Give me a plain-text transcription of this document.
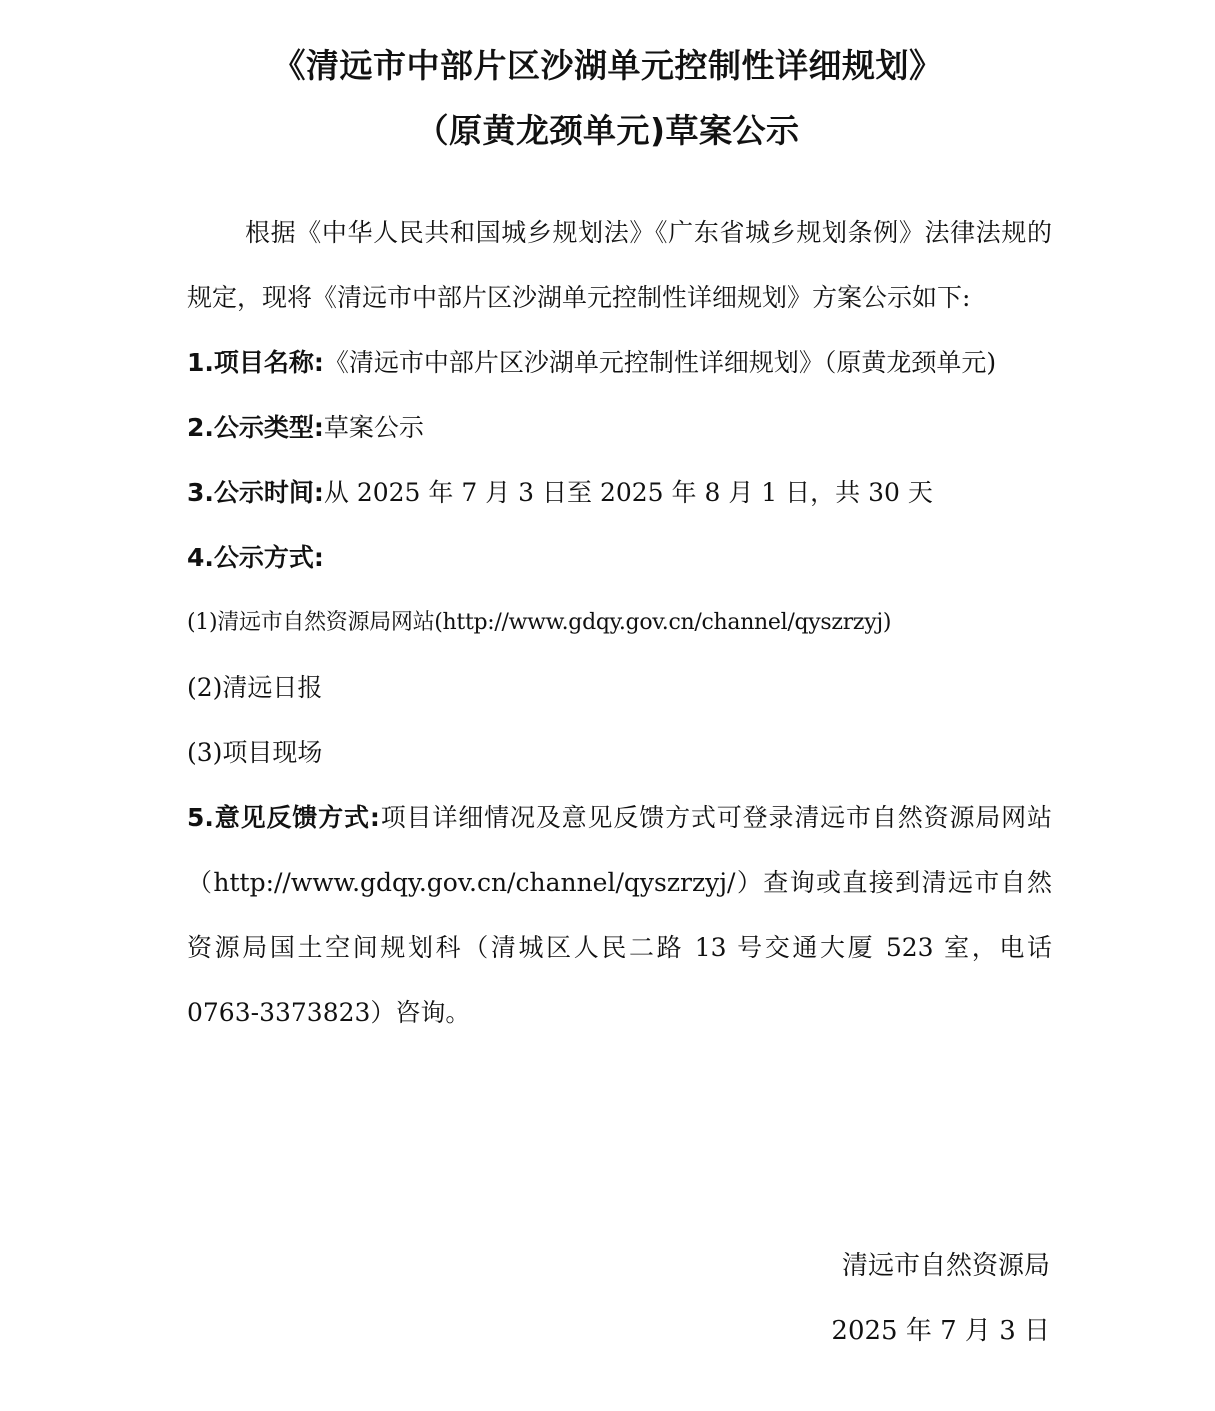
《清远市中部片区沙湖单元控制性详细规划》
（原黄龙颈单元)草案公示

根据《中华人民共和国城乡规划法》《广东省城乡规划条例》法律法规的规定，现将《清远市中部片区沙湖单元控制性详细规划》方案公示如下:

1.项目名称:《清远市中部片区沙湖单元控制性详细规划》（原黄龙颈单元)

2.公示类型:草案公示

3.公示时间:从 2025 年 7 月 3 日至 2025 年 8 月 1 日，共 30 天

4.公示方式:

(1)清远市自然资源局网站(http://www.gdqy.gov.cn/channel/qyszrzyj)

(2)清远日报

(3)项目现场

5.意见反馈方式:项目详细情况及意见反馈方式可登录清远市自然资源局网站（http://www.gdqy.gov.cn/channel/qyszrzyj/）查询或直接到清远市自然资源局国土空间规划科（清城区人民二路 13 号交通大厦 523 室，电话 0763-3373823）咨询。

清远市自然资源局
2025 年 7 月 3 日
